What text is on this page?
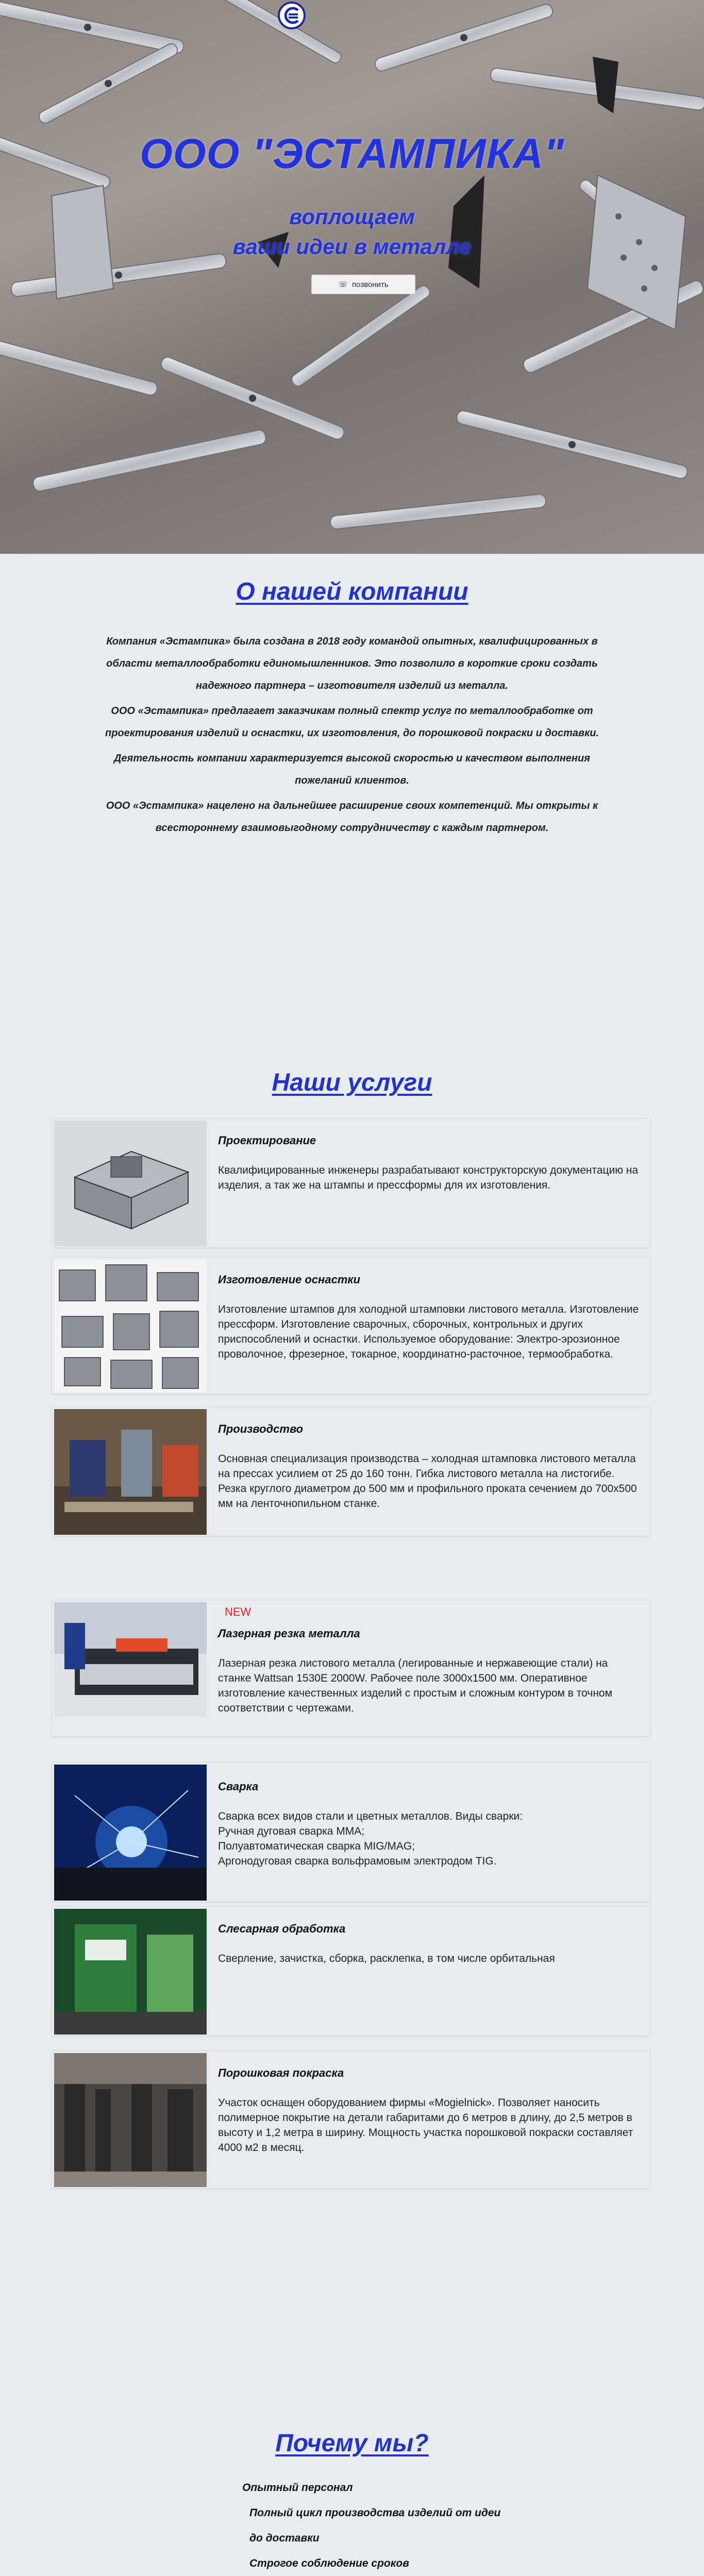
ООО "ЭСТАМПИКА"
воплощаем
ваши идеи в металле
☏ позвонить
О нашей компании

Компания «Эстампика» была создана в 2018 году командой опытных, квалифицированных в области металлообработки единомышленников. Это позволило в короткие сроки создать надежного партнера – изготовителя изделий из металла.

ООО «Эстампика» предлагает заказчикам полный спектр услуг по металлообработке от проектирования изделий и оснастки, их изготовления, до порошковой покраски и доставки.

Деятельность компании характеризуется высокой скоростью и качеством выполнения пожеланий клиентов.

ООО «Эстампика» нацелено на дальнейшее расширение своих компетенций. Мы открыты к всестороннему взаимовыгодному сотрудничеству с каждым партнером.

Наши услуги
Проектирование
Квалифицированные инженеры разрабатывают конструкторскую документацию на изделия, а так же на штампы и прессформы для их изготовления.
Изготовление оснастки
Изготовление штампов для холодной штамповки листового металла. Изготовление прессформ. Изготовление сварочных, сборочных, контрольных и других приспособлений и оснастки. Используемое оборудование: Электро-эрозионное проволочное, фрезерное, токарное, координатно-расточное, термообработка.
Производство
Основная специализация производства – холодная штамповка листового металла на прессах усилием от 25 до 160 тонн. Гибка листового металла на листогибе. Резка круглого диаметром до 500 мм и профильного проката сечением до 700х500 мм на ленточнопильном станке.
NEW
Лазерная резка металла
Лазерная резка листового металла (легированные и нержавеющие стали) на станке Wattsan 1530E 2000W. Рабочее поле 3000х1500 мм. Оперативное изготовление качественных изделий с простым и сложным контуром в точном соответствии с чертежами.
Сварка
Сварка всех видов стали и цветных металлов. Виды сварки:
Ручная дуговая сварка MMA;
Полуавтоматическая сварка MIG/MAG;
Аргонодуговая сварка вольфрамовым электродом TIG.
Слесарная обработка
Сверление, зачистка, сборка, расклепка, в том числе орбитальная
Порошковая покраска
Участок оснащен оборудованием фирмы «Mogielnick». Позволяет наносить полимерное покрытие на детали габаритами до 6 метров в длину, до 2,5 метров в высоту и 1,2 метра в ширину. Мощность участка порошковой покраски составляет 4000 м2 в месяц.
Почему мы?
Опытный персонал
Полный цикл производства изделий от идеи
до доставки
Строгое соблюдение сроков
